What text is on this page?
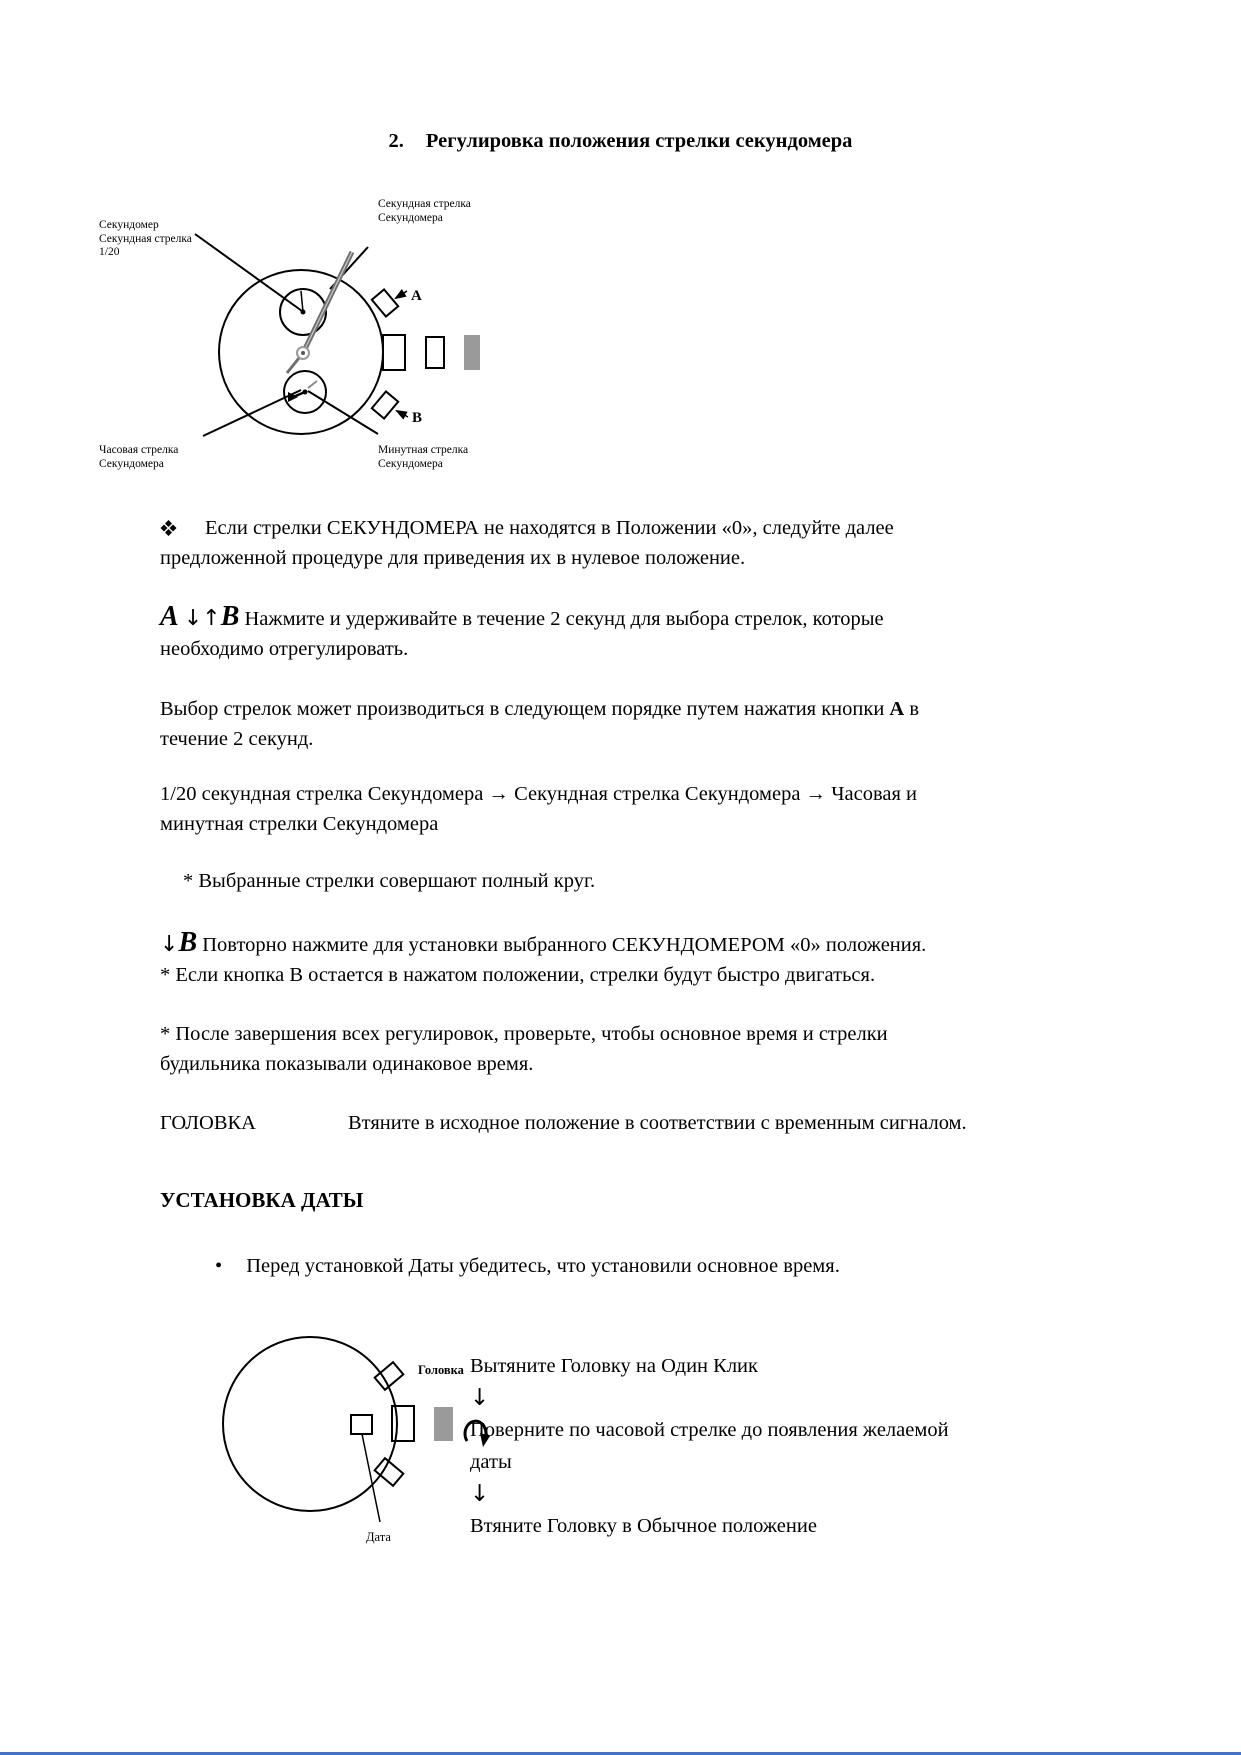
2. Регулировка положения стрелки секундомера
A
B
Секундомер
Секундная стрелка
1/20
Секундная стрелка
Секундомера
Часовая стрелка
Секундомера
Минутная стрелка
Секундомера
Если стрелки СЕКУНДОМЕРА не находятся в Положении «0», следуйте далее
предложенной процедуре для приведения их в нулевое положение.
A ↓↑B Нажмите и удерживайте в течение 2 секунд для выбора стрелок, которые
необходимо отрегулировать.
Выбор стрелок может производиться в следующем порядке путем нажатия кнопки А в
течение 2 секунд.
1/20 секундная стрелка Секундомера → Секундная стрелка Секундомера → Часовая и
минутная стрелки Секундомера
* Выбранные стрелки совершают полный круг.
↓B Повторно нажмите для установки выбранного СЕКУНДОМЕРОМ «0» положения.
* Если кнопка В остается в нажатом положении, стрелки будут быстро двигаться.
* После завершения всех регулировок, проверьте, чтобы основное время и стрелки
будильника показывали одинаковое время.
ГОЛОВКА	Втяните в исходное положение в соответствии с временным сигналом.
УСТАНОВКА ДАТЫ
• Перед установкой Даты убедитесь, что установили основное время.
Головка
Дата
Вытяните Головку на Один Клик
↓
Поверните по часовой стрелке до появления желаемой
даты
↓
Втяните Головку в Обычное положение
